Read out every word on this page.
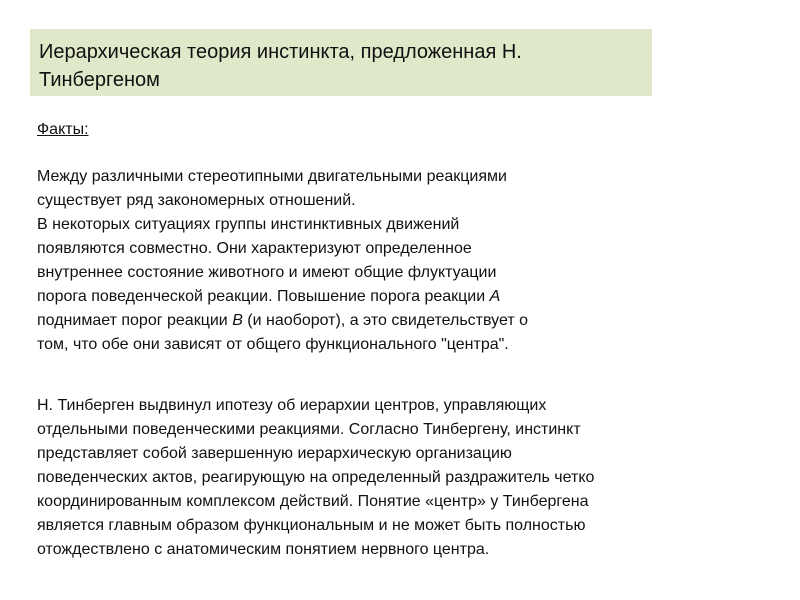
Иерархическая теория инстинкта, предложенная Н.
Тинбергеном
Факты:
Между различными стереотипными двигательными реакциями
существует ряд закономерных отношений.
В некоторых ситуациях группы инстинктивных движений
появляются совместно. Они характеризуют определенное
внутреннее состояние животного и имеют общие флуктуации
порога поведенческой реакции. Повышение порога реакции А
поднимает порог реакции В (и наоборот), а это свидетельствует о
том, что обе они зависят от общего функционального "центра".
Н. Тинберген выдвинул ипотезу об иерархии центров, управляющих
отдельными поведенческими реакциями. Согласно Тинбергену, инстинкт
представляет собой завершенную иерархическую организацию
поведенческих актов, реагирующую на определенный раздражитель четко
координированным комплексом действий. Понятие «центр» у Тинбергена
является главным образом функциональным и не может быть полностью
отождествлено с анатомическим понятием нервного центра.
